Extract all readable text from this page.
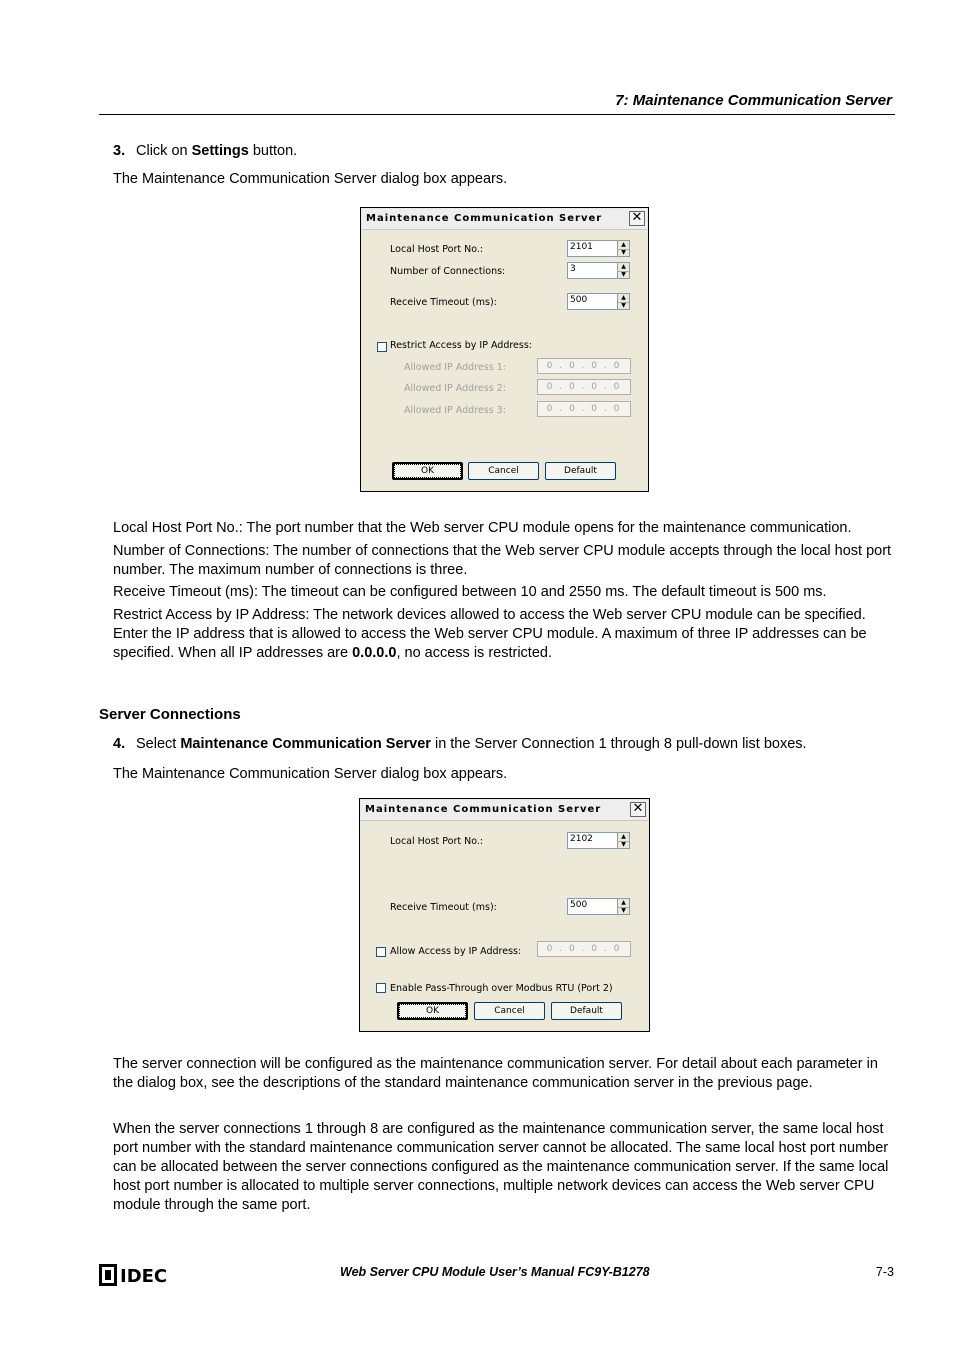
7: Maintenance Communication Server
3. Click on Settings button.
The Maintenance Communication Server dialog box appears.
Maintenance Communication Server ✕
Local Host Port No.:	2101	▲
▼
Number of Connections:	3	▲
▼
Receive Timeout (ms):	500	▲
▼
Restrict Access by IP Address:
Allowed IP Address 1:	0 . 0 . 0 . 0
Allowed IP Address 2:	0 . 0 . 0 . 0
Allowed IP Address 3:	0 . 0 . 0 . 0
OK	Cancel	Default
Local Host Port No.: The port number that the Web server CPU module opens for the maintenance communication.
Number of Connections: The number of connections that the Web server CPU module accepts through the local host port number. The maximum number of connections is three.
Receive Timeout (ms): The timeout can be configured between 10 and 2550 ms. The default timeout is 500 ms.
Restrict Access by IP Address: The network devices allowed to access the Web server CPU module can be specified. Enter the IP address that is allowed to access the Web server CPU module. A maximum of three IP addresses can be specified. When all IP addresses are 0.0.0.0, no access is restricted.
Server Connections
4. Select Maintenance Communication Server in the Server Connection 1 through 8 pull-down list boxes.
The Maintenance Communication Server dialog box appears.
Maintenance Communication Server ✕
Local Host Port No.:	2102	▲
▼
Receive Timeout (ms):	500	▲
▼
Allow Access by IP Address:	0 . 0 . 0 . 0
Enable Pass-Through over Modbus RTU (Port 2)
OK	Cancel	Default
The server connection will be configured as the maintenance communication server. For detail about each parameter in the dialog box, see the descriptions of the standard maintenance communication server in the previous page.
When the server connections 1 through 8 are configured as the maintenance communication server, the same local host port number with the standard maintenance communication server cannot be allocated. The same local host port number can be allocated between the server connections configured as the maintenance communication server. If the same local host port number is allocated to multiple server connections, multiple network devices can access the Web server CPU module through the same port.
IDEC	Web Server CPU Module User’s Manual FC9Y-B1278	7-3
